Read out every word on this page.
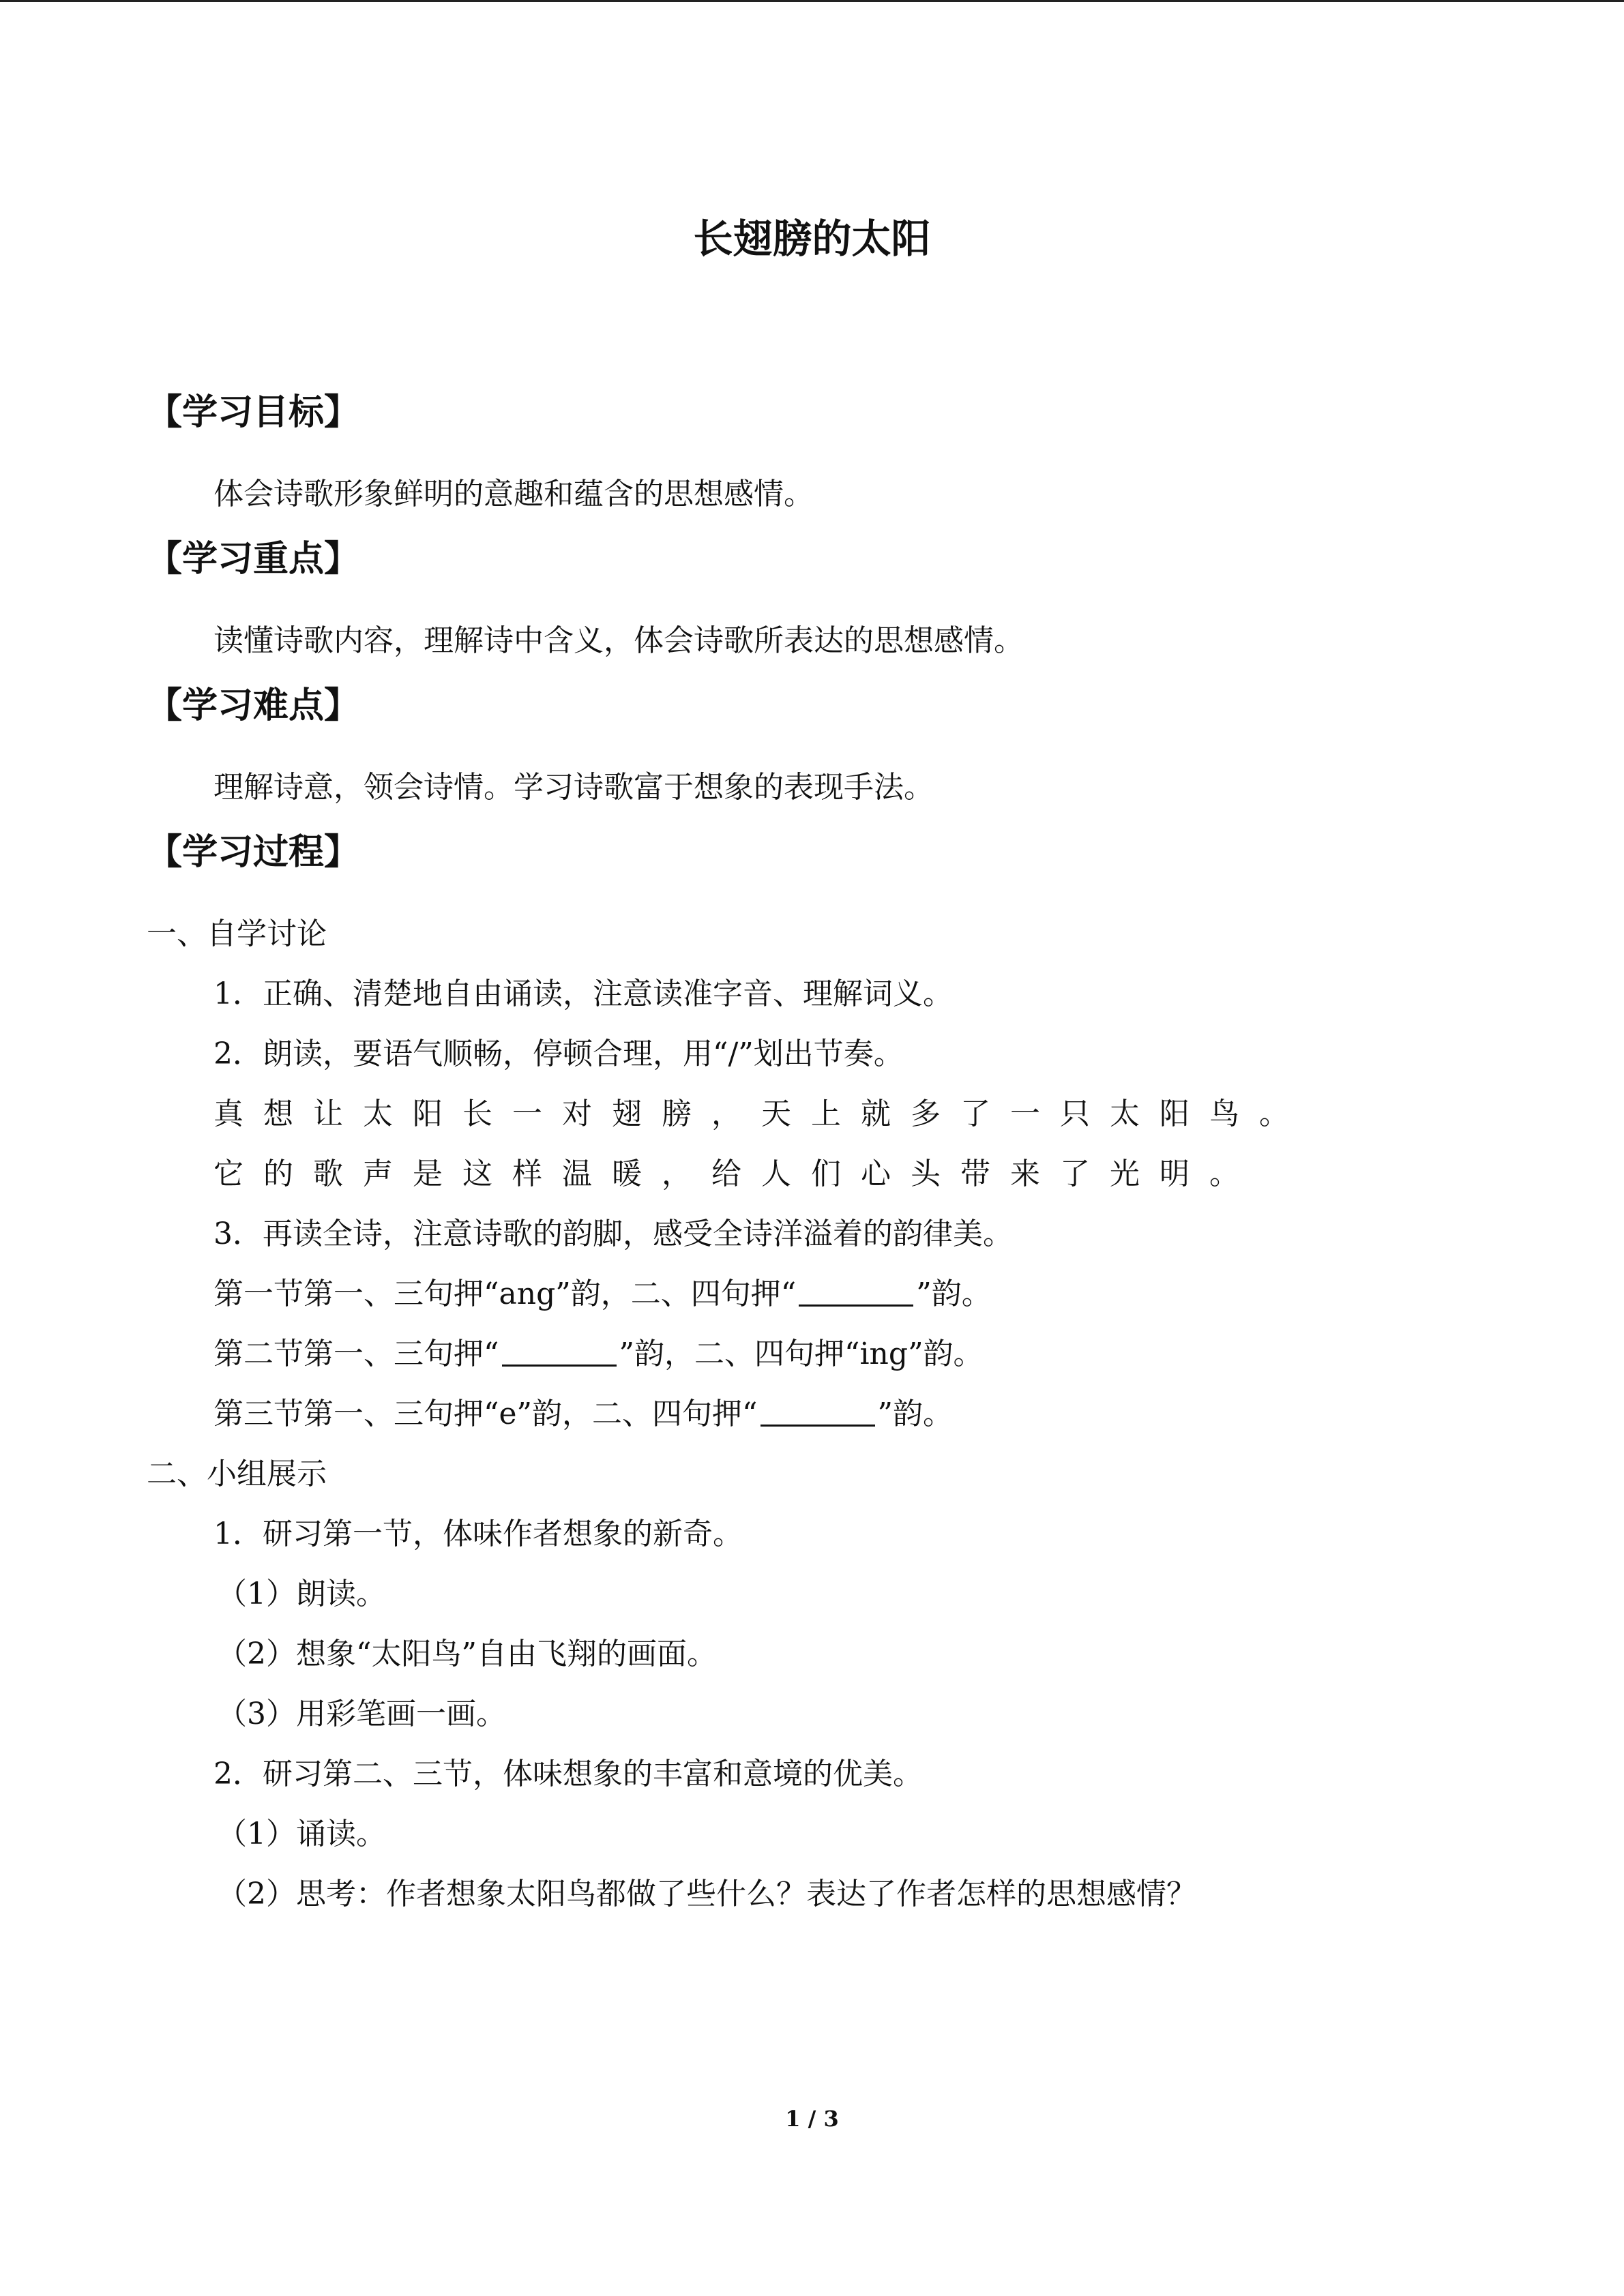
长翅膀的太阳
【学习目标】
体会诗歌形象鲜明的意趣和蕴含的思想感情。
【学习重点】
读懂诗歌内容，理解诗中含义，体会诗歌所表达的思想感情。
【学习难点】
理解诗意，领会诗情。学习诗歌富于想象的表现手法。
【学习过程】
一、自学讨论
1．正确、清楚地自由诵读，注意读准字音、理解词义。
2．朗读，要语气顺畅，停顿合理，用“/”划出节奏。
真想让太阳长一对翅膀，天上就多了一只太阳鸟。
它的歌声是这样温暖，给人们心头带来了光明。
3．再读全诗，注意诗歌的韵脚，感受全诗洋溢着的韵律美。
第一节第一、三句押“ang”韵，二、四句押“	”韵。
第二节第一、三句押“	”韵，二、四句押“ing”韵。
第三节第一、三句押“e”韵，二、四句押“	”韵。
二、小组展示
1．研习第一节，体味作者想象的新奇。
（1）朗读。
（2）想象“太阳鸟”自由飞翔的画面。
（3）用彩笔画一画。
2．研习第二、三节，体味想象的丰富和意境的优美。
（1）诵读。
（2）思考：作者想象太阳鸟都做了些什么？表达了作者怎样的思想感情？
1 / 3
